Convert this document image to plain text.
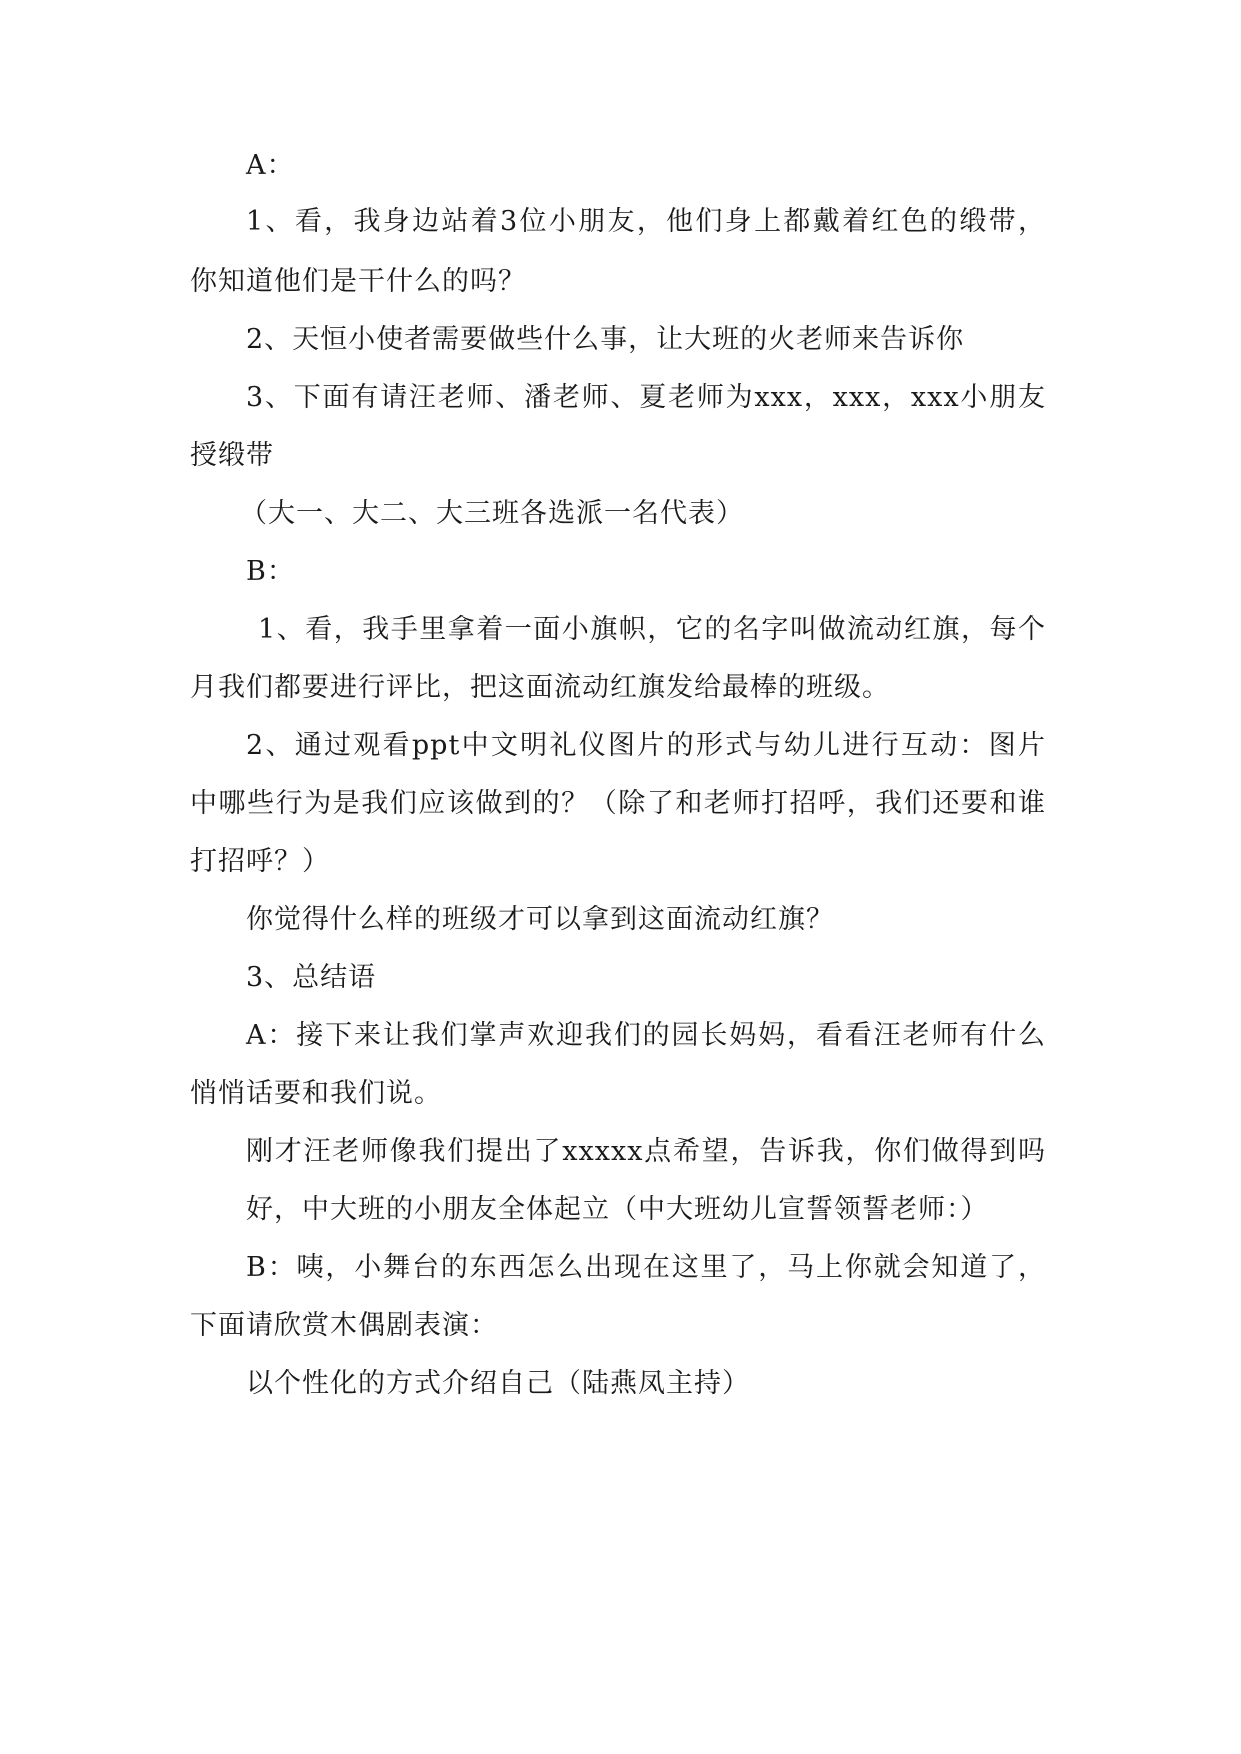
A：
1、看，我身边站着3位小朋友，他们身上都戴着红色的缎带，
你知道他们是干什么的吗？
2、天恒小使者需要做些什么事，让大班的火老师来告诉你
3、下面有请汪老师、潘老师、夏老师为xxx，xxx，xxx小朋友
授缎带
（大一、大二、大三班各选派一名代表）
B：
1、看，我手里拿着一面小旗帜，它的名字叫做流动红旗，每个
月我们都要进行评比，把这面流动红旗发给最棒的班级。
2、通过观看ppt中文明礼仪图片的形式与幼儿进行互动：图片
中哪些行为是我们应该做到的？（除了和老师打招呼，我们还要和谁
打招呼？）
你觉得什么样的班级才可以拿到这面流动红旗？
3、总结语
A：接下来让我们掌声欢迎我们的园长妈妈，看看汪老师有什么
悄悄话要和我们说。
刚才汪老师像我们提出了xxxxx点希望，告诉我，你们做得到吗
好，中大班的小朋友全体起立（中大班幼儿宣誓领誓老师：）
B：咦，小舞台的东西怎么出现在这里了，马上你就会知道了，
下面请欣赏木偶剧表演：
以个性化的方式介绍自己（陆燕凤主持）
